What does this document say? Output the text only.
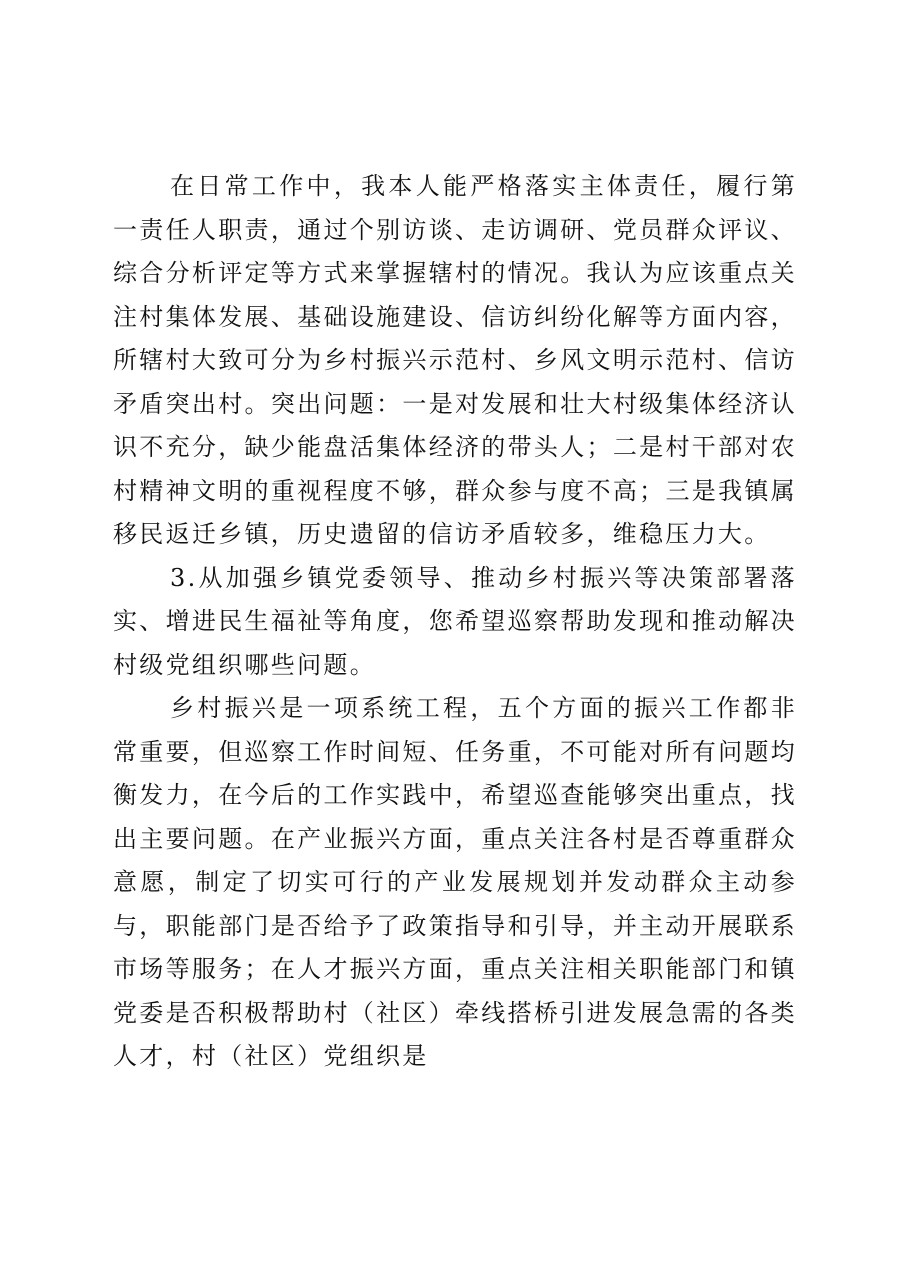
在日常工作中，我本人能严格落实主体责任，履行第一责任人职责，通过个别访谈、走访调研、党员群众评议、综合分析评定等方式来掌握辖村的情况。我认为应该重点关注村集体发展、基础设施建设、信访纠纷化解等方面内容，所辖村大致可分为乡村振兴示范村、乡风文明示范村、信访矛盾突出村。突出问题：一是对发展和壮大村级集体经济认识不充分，缺少能盘活集体经济的带头人；二是村干部对农村精神文明的重视程度不够，群众参与度不高；三是我镇属移民返迁乡镇，历史遗留的信访矛盾较多，维稳压力大。

3.从加强乡镇党委领导、推动乡村振兴等决策部署落实、增进民生福祉等角度，您希望巡察帮助发现和推动解决村级党组织哪些问题。

乡村振兴是一项系统工程，五个方面的振兴工作都非常重要，但巡察工作时间短、任务重，不可能对所有问题均衡发力，在今后的工作实践中，希望巡查能够突出重点，找出主要问题。在产业振兴方面，重点关注各村是否尊重群众意愿，制定了切实可行的产业发展规划并发动群众主动参与，职能部门是否给予了政策指导和引导，并主动开展联系市场等服务；在人才振兴方面，重点关注相关职能部门和镇党委是否积极帮助村（社区）牵线搭桥引进发展急需的各类人才，村（社区）党组织是
